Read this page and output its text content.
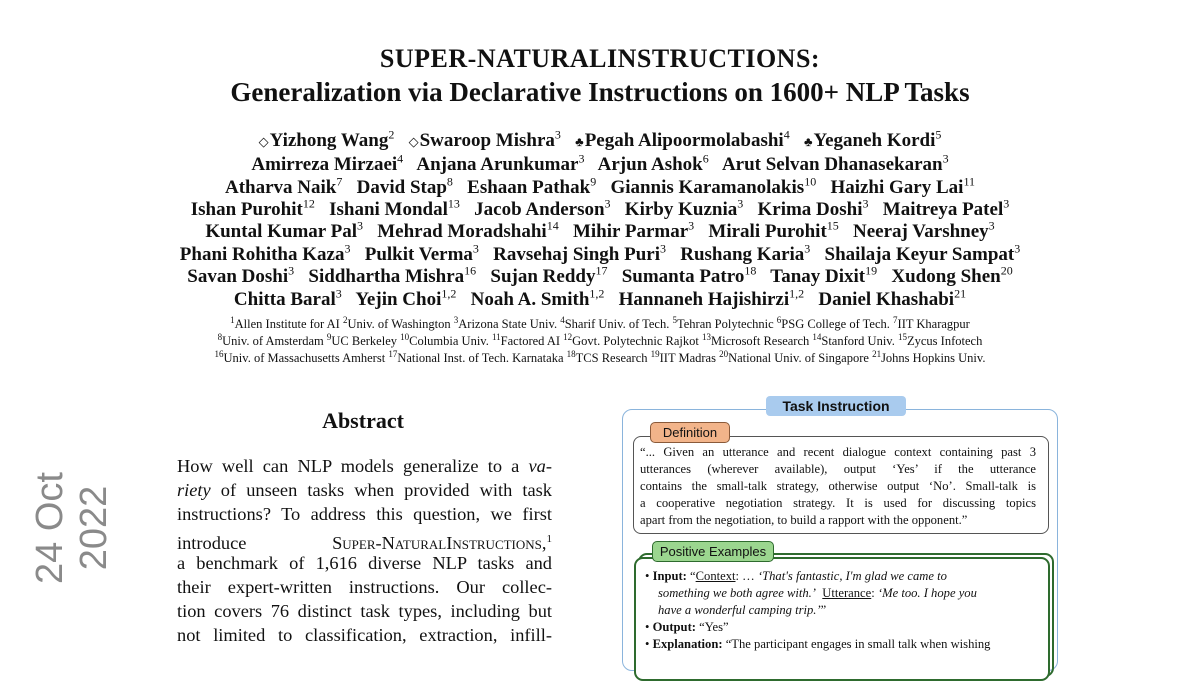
SUPER-NATURALINSTRUCTIONS:
Generalization via Declarative Instructions on 1600+ NLP Tasks
◇Yizhong Wang$^2$  ◇Swaroop Mishra$^3$  ♣Pegah Alipoormolabashi$^4$  ♣Yeganeh Kordi$^5$
Amirreza Mirzaei$^4$  Anjana Arunkumar$^3$  Arjun Ashok$^6$  Arut Selvan Dhanasekaran$^3$
Atharva Naik$^7$  David Stap$^8$  Eshaan Pathak$^9$  Giannis Karamanolakis$^{10}$  Haizhi Gary Lai$^{11}$
Ishan Purohit$^{12}$  Ishani Mondal$^{13}$  Jacob Anderson$^3$  Kirby Kuznia$^3$  Krima Doshi$^3$  Maitreya Patel$^3$
Kuntal Kumar Pal$^3$  Mehrad Moradshahi$^{14}$  Mihir Parmar$^3$  Mirali Purohit$^{15}$  Neeraj Varshney$^3$
Phani Rohitha Kaza$^3$  Pulkit Verma$^3$  Ravsehaj Singh Puri$^3$  Rushang Karia$^3$  Shailaja Keyur Sampat$^3$
Savan Doshi$^3$  Siddhartha Mishra$^{16}$  Sujan Reddy$^{17}$  Sumanta Patro$^{18}$  Tanay Dixit$^{19}$  Xudong Shen$^{20}$
Chitta Baral$^3$  Yejin Choi$^{1,2}$  Noah A. Smith$^{1,2}$  Hannaneh Hajishirzi$^{1,2}$  Daniel Khashabi$^{21}$
$^1$Allen Institute for AI $^2$Univ. of Washington $^3$Arizona State Univ. $^4$Sharif Univ. of Tech. $^5$Tehran Polytechnic $^6$PSG College of Tech. $^7$IIT Kharagpur
$^8$Univ. of Amsterdam $^9$UC Berkeley $^{10}$Columbia Univ. $^{11}$Factored AI $^{12}$Govt. Polytechnic Rajkot $^{13}$Microsoft Research $^{14}$Stanford Univ. $^{15}$Zycus Infotech
$^{16}$Univ. of Massachusetts Amherst $^{17}$National Inst. of Tech. Karnataka $^{18}$TCS Research $^{19}$IIT Madras $^{20}$National Univ. of Singapore $^{21}$Johns Hopkins Univ.
24 Oct 2022
Abstract
How well can NLP models generalize to a va-
riety of unseen tasks when provided with task
instructions? To address this question, we first
introduce Super-NaturalInstructions,$^1$
a benchmark of 1,616 diverse NLP tasks and
their expert-written instructions. Our collec-
tion covers 76 distinct task types, including but
not limited to classification, extraction, infill-
Task Instruction
Definition
“... Given an utterance and recent dialogue context containing past 3
utterances (wherever available), output ‘Yes’ if the utterance
contains the small-talk strategy, otherwise output ‘No’. Small-talk is
a cooperative negotiation strategy. It is used for discussing topics
apart from the negotiation, to build a rapport with the opponent.”
Positive Examples
• Input: “Context: … ‘That's fantastic, I'm glad we came to
something we both agree with.’ Utterance: ‘Me too. I hope you
have a wonderful camping trip.’”
• Output: “Yes”
• Explanation: “The participant engages in small talk when wishing
